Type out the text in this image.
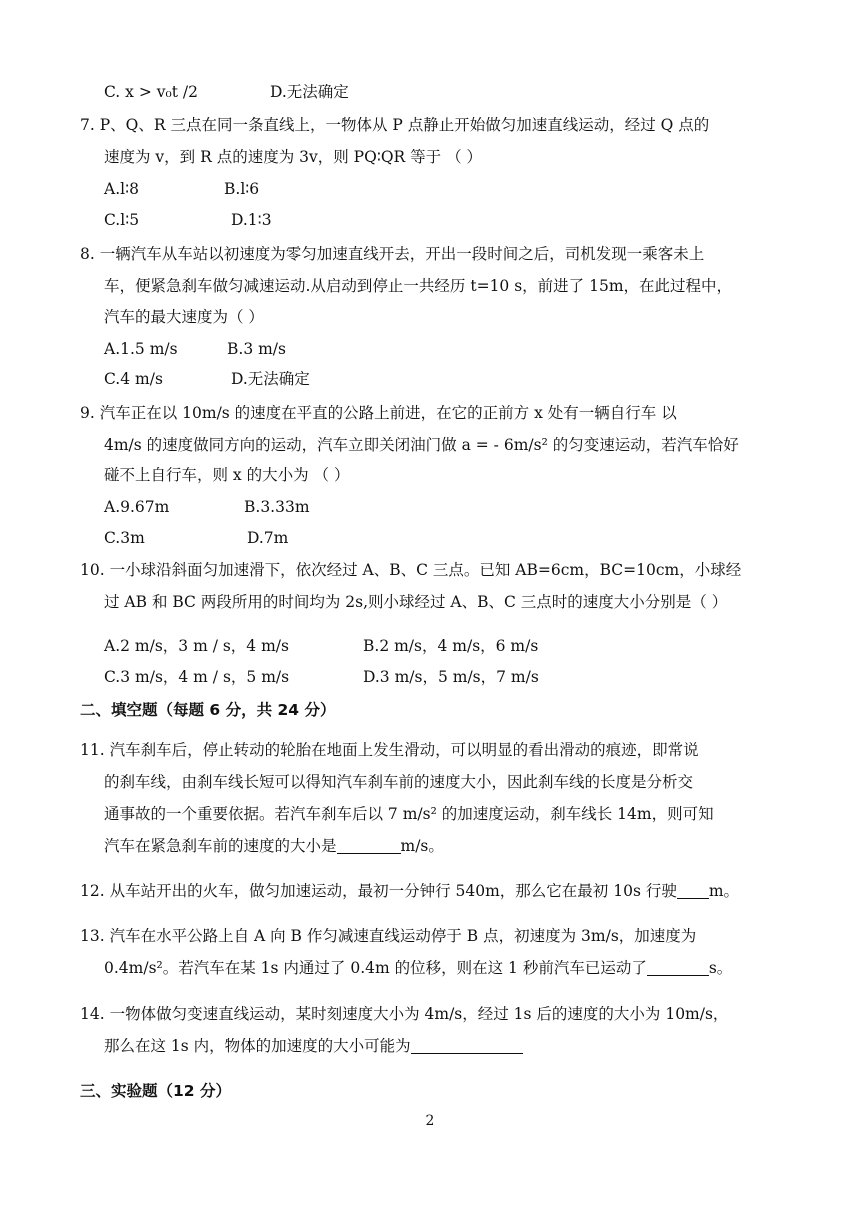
C. x > v₀t /2	D.无法确定
7. P、Q、R 三点在同一条直线上，一物体从 P 点静止开始做匀加速直线运动，经过 Q 点的
速度为 v，到 R 点的速度为 3v，则 PQ∶QR 等于 （ ）
A.l∶8	B.l∶6
C.l∶5	D.1∶3
8. 一辆汽车从车站以初速度为零匀加速直线开去，开出一段时间之后，司机发现一乘客未上
车，便紧急刹车做匀减速运动.从启动到停止一共经历 t=10 s，前进了 15m，在此过程中，
汽车的最大速度为（ ）
A.1.5 m/s	B.3 m/s
C.4 m/s	D.无法确定
9. 汽车正在以 10m/s 的速度在平直的公路上前进，在它的正前方 x 处有一辆自行车 以
4m/s 的速度做同方向的运动，汽车立即关闭油门做 a = - 6m/s² 的匀变速运动，若汽车恰好
碰不上自行车，则 x 的大小为 （ ）
A.9.67m	B.3.33m
C.3m	D.7m
10. 一小球沿斜面匀加速滑下，依次经过 A、B、C 三点。已知 AB=6cm，BC=10cm，小球经
过 AB 和 BC 两段所用的时间均为 2s,则小球经过 A、B、C 三点时的速度大小分别是（ ）
A.2 m/s，3 m / s，4 m/s	B.2 m/s，4 m/s，6 m/s
C.3 m/s，4 m / s，5 m/s	D.3 m/s，5 m/s，7 m/s
二、填空题（每题 6 分，共 24 分）
11. 汽车刹车后，停止转动的轮胎在地面上发生滑动，可以明显的看出滑动的痕迹，即常说
的刹车线，由刹车线长短可以得知汽车刹车前的速度大小，因此刹车线的长度是分析交
通事故的一个重要依据。若汽车刹车后以 7 m/s² 的加速度运动，刹车线长 14m，则可知
汽车在紧急刹车前的速度的大小是	m/s。
12. 从车站开出的火车，做匀加速运动，最初一分钟行 540m，那么它在最初 10s 行驶 m。
13. 汽车在水平公路上自 A 向 B 作匀减速直线运动停于 B 点，初速度为 3m/s，加速度为
0.4m/s²。若汽车在某 1s 内通过了 0.4m 的位移，则在这 1 秒前汽车已运动了	s。
14. 一物体做匀变速直线运动，某时刻速度大小为 4m/s，经过 1s 后的速度的大小为 10m/s，
那么在这 1s 内，物体的加速度的大小可能为
三、实验题（12 分）
2
